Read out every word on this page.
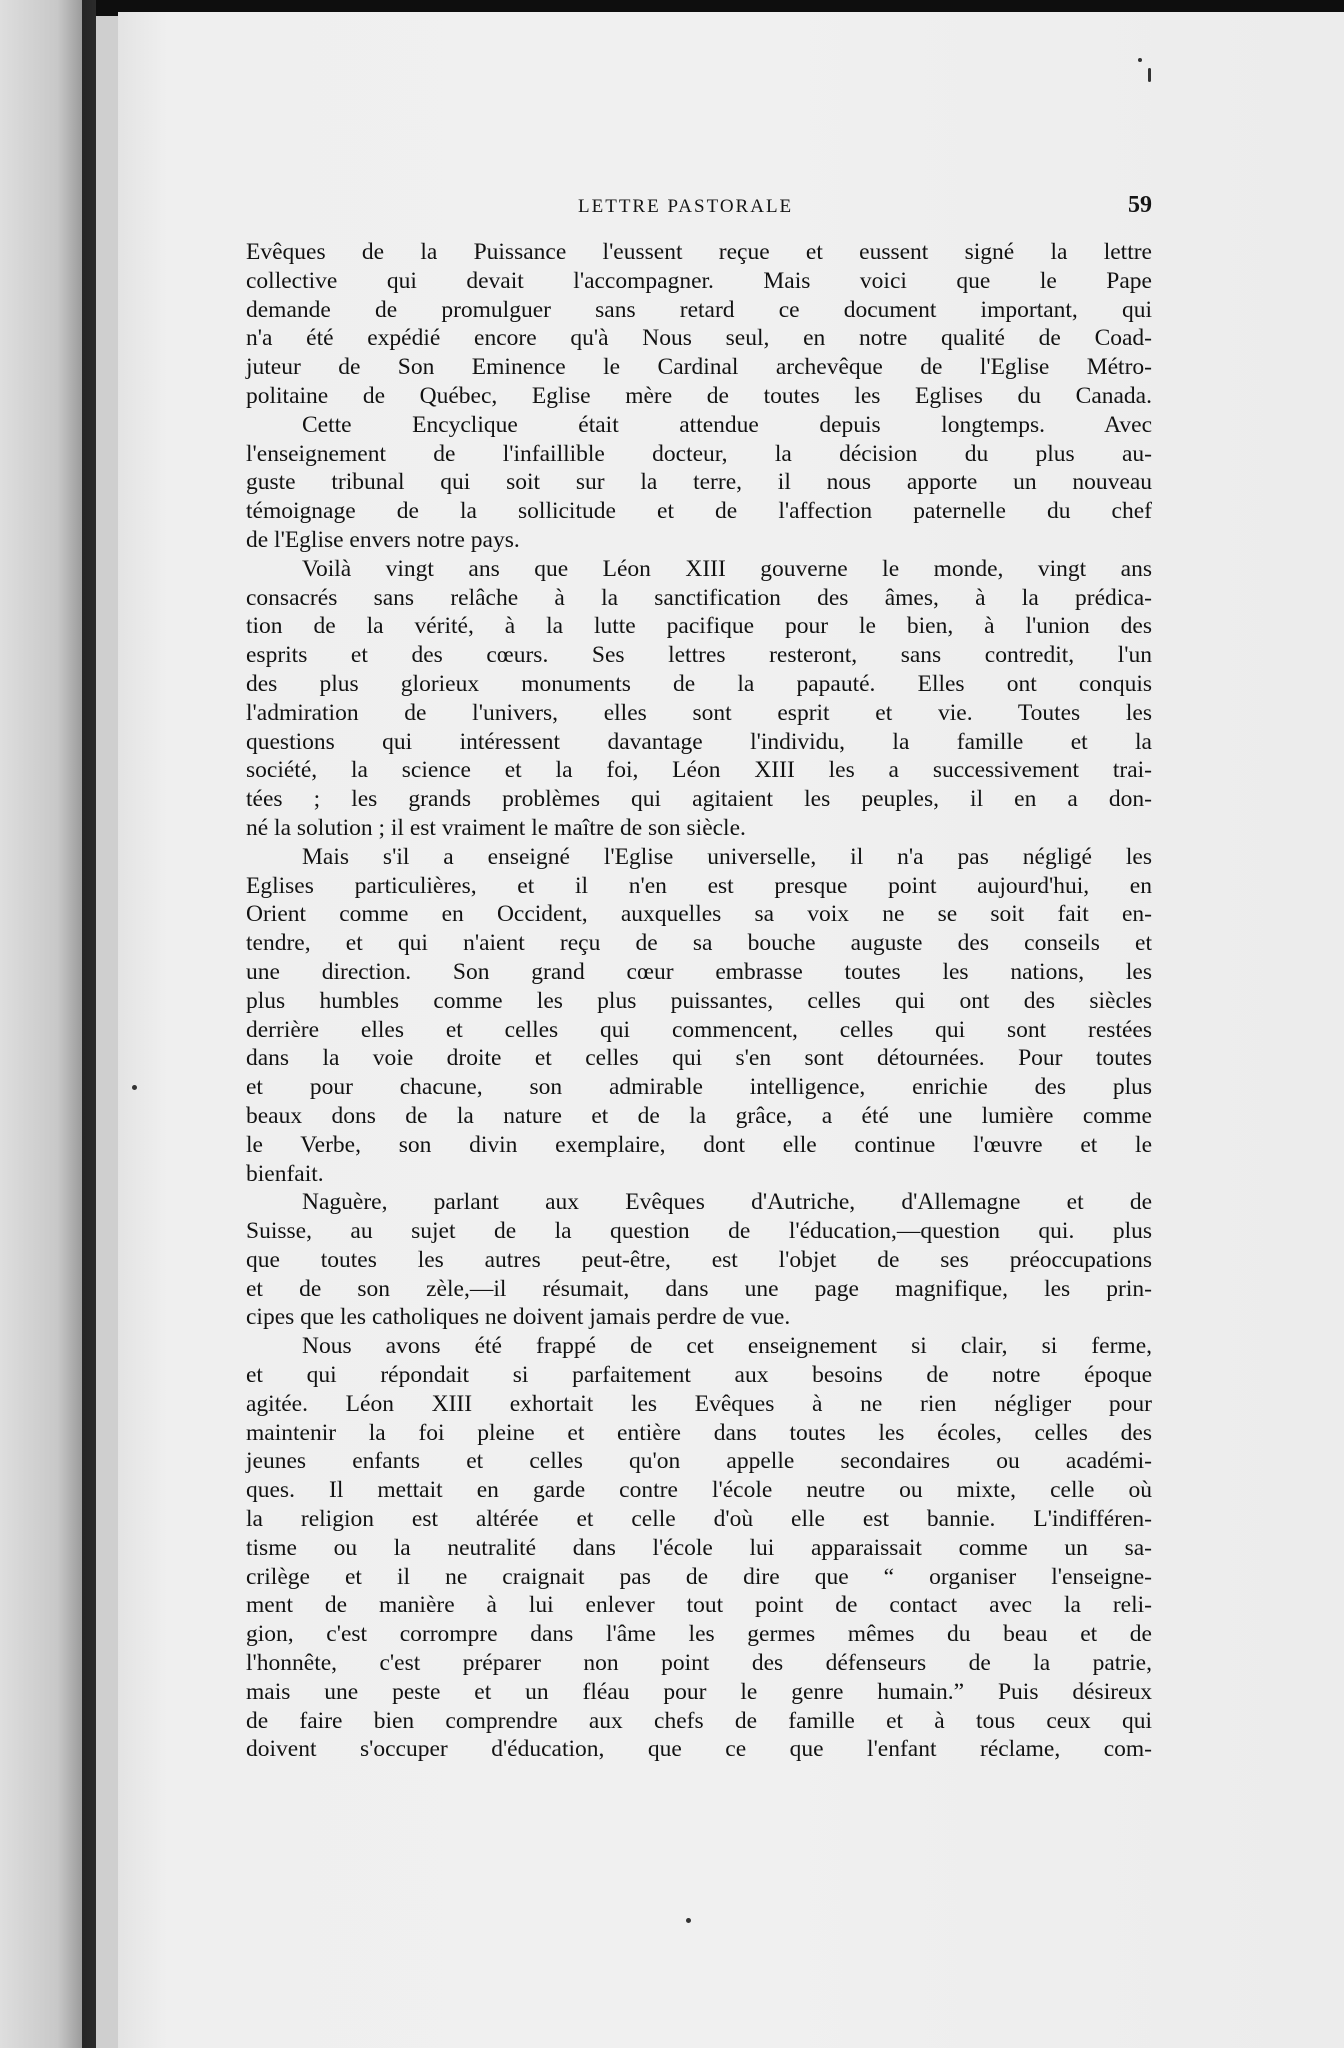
LETTRE PASTORALE	59
Evêques de la Puissance l'eussent reçue et eussent signé la lettre
collective qui devait l'accompagner. Mais voici que le Pape
demande de promulguer sans retard ce document important, qui
n'a été expédié encore qu'à Nous seul, en notre qualité de Coad-
juteur de Son Eminence le Cardinal archevêque de l'Eglise Métro-
politaine de Québec, Eglise mère de toutes les Eglises du Canada.
Cette Encyclique était attendue depuis longtemps. Avec
l'enseignement de l'infaillible docteur, la décision du plus au-
guste tribunal qui soit sur la terre, il nous apporte un nouveau
témoignage de la sollicitude et de l'affection paternelle du chef
de l'Eglise envers notre pays.
Voilà vingt ans que Léon XIII gouverne le monde, vingt ans
consacrés sans relâche à la sanctification des âmes, à la prédica-
tion de la vérité, à la lutte pacifique pour le bien, à l'union des
esprits et des cœurs. Ses lettres resteront, sans contredit, l'un
des plus glorieux monuments de la papauté. Elles ont conquis
l'admiration de l'univers, elles sont esprit et vie. Toutes les
questions qui intéressent davantage l'individu, la famille et la
société, la science et la foi, Léon XIII les a successivement trai-
tées ; les grands problèmes qui agitaient les peuples, il en a don-
né la solution ; il est vraiment le maître de son siècle.
Mais s'il a enseigné l'Eglise universelle, il n'a pas négligé les
Eglises particulières, et il n'en est presque point aujourd'hui, en
Orient comme en Occident, auxquelles sa voix ne se soit fait en-
tendre, et qui n'aient reçu de sa bouche auguste des conseils et
une direction. Son grand cœur embrasse toutes les nations, les
plus humbles comme les plus puissantes, celles qui ont des siècles
derrière elles et celles qui commencent, celles qui sont restées
dans la voie droite et celles qui s'en sont détournées. Pour toutes
et pour chacune, son admirable intelligence, enrichie des plus
beaux dons de la nature et de la grâce, a été une lumière comme
le Verbe, son divin exemplaire, dont elle continue l'œuvre et le
bienfait.
Naguère, parlant aux Evêques d'Autriche, d'Allemagne et de
Suisse, au sujet de la question de l'éducation,—question qui. plus
que toutes les autres peut-être, est l'objet de ses préoccupations
et de son zèle,—il résumait, dans une page magnifique, les prin-
cipes que les catholiques ne doivent jamais perdre de vue.
Nous avons été frappé de cet enseignement si clair, si ferme,
et qui répondait si parfaitement aux besoins de notre époque
agitée. Léon XIII exhortait les Evêques à ne rien négliger pour
maintenir la foi pleine et entière dans toutes les écoles, celles des
jeunes enfants et celles qu'on appelle secondaires ou académi-
ques. Il mettait en garde contre l'école neutre ou mixte, celle où
la religion est altérée et celle d'où elle est bannie. L'indifféren-
tisme ou la neutralité dans l'école lui apparaissait comme un sa-
crilège et il ne craignait pas de dire que “ organiser l'enseigne-
ment de manière à lui enlever tout point de contact avec la reli-
gion, c'est corrompre dans l'âme les germes mêmes du beau et de
l'honnête, c'est préparer non point des défenseurs de la patrie,
mais une peste et un fléau pour le genre humain.” Puis désireux
de faire bien comprendre aux chefs de famille et à tous ceux qui
doivent s'occuper d'éducation, que ce que l'enfant réclame, com-
